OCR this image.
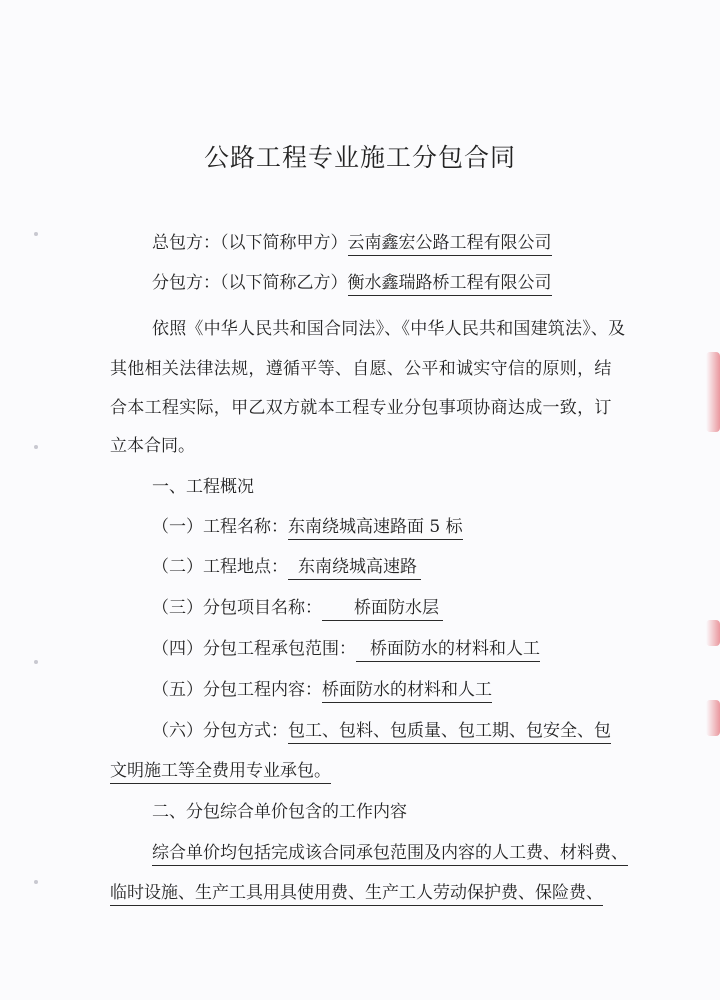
公路工程专业施工分包合同
总包方：（以下简称甲方）云南鑫宏公路工程有限公司
分包方：（以下简称乙方）衡水鑫瑞路桥工程有限公司
依照《中华人民共和国合同法》、《中华人民共和国建筑法》、及
其他相关法律法规，遵循平等、自愿、公平和诚实守信的原则，结
合本工程实际，甲乙双方就本工程专业分包事项协商达成一致，订
立本合同。
一、工程概况
（一）工程名称：东南绕城高速路面 5 标
（二）工程地点： 东南绕城高速路
（三）分包项目名称： 桥面防水层
（四）分包工程承包范围： 桥面防水的材料和人工
（五）分包工程内容：桥面防水的材料和人工
（六）分包方式：包工、包料、包质量、包工期、包安全、包
文明施工等全费用专业承包。
二、分包综合单价包含的工作内容
综合单价均包括完成该合同承包范围及内容的人工费、材料费、
临时设施、生产工具用具使用费、生产工人劳动保护费、保险费、
